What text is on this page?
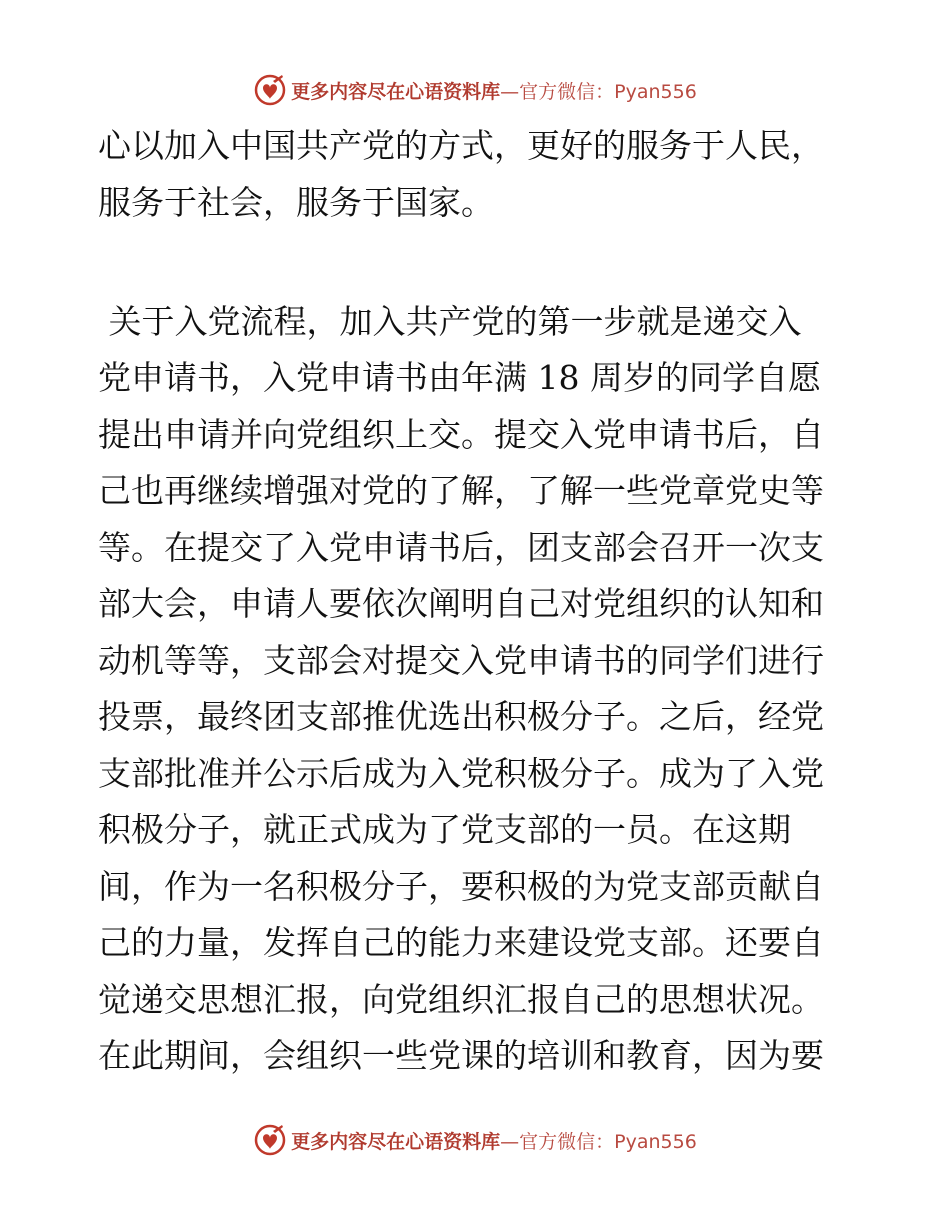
更多内容尽在心语资料库 —官方微信：Pyan556

心以加入中国共产党的方式，更好的服务于人民，
服务于社会，服务于国家。

关于入党流程，加入共产党的第一步就是递交入
党申请书，入党申请书由年满 18 周岁的同学自愿
提出申请并向党组织上交。提交入党申请书后，自
己也再继续增强对党的了解，了解一些党章党史等
等。在提交了入党申请书后，团支部会召开一次支
部大会，申请人要依次阐明自己对党组织的认知和
动机等等，支部会对提交入党申请书的同学们进行
投票，最终团支部推优选出积极分子。之后，经党
支部批准并公示后成为入党积极分子。成为了入党
积极分子，就正式成为了党支部的一员。在这期
间，作为一名积极分子，要积极的为党支部贡献自
己的力量，发挥自己的能力来建设党支部。还要自
觉递交思想汇报，向党组织汇报自己的思想状况。
在此期间，会组织一些党课的培训和教育，因为要

更多内容尽在心语资料库 —官方微信：Pyan556
